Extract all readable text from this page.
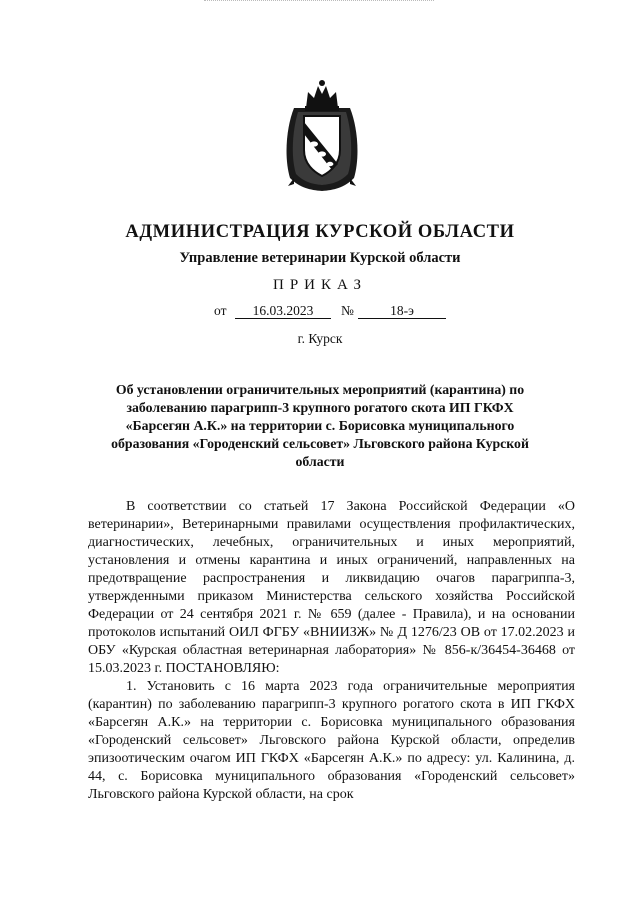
АДМИНИСТРАЦИЯ КУРСКОЙ ОБЛАСТИ
Управление ветеринарии Курской области
ПРИКАЗ
от	16.03.2023	№	18-э
г. Курск
Об установлении ограничительных мероприятий (карантина) по заболеванию парагрипп-3 крупного рогатого скота ИП ГКФХ «Барсегян А.К.» на территории с. Борисовка муниципального образования «Городенский сельсовет» Льговского района Курской области

В соответствии со статьей 17 Закона Российской Федерации «О ветеринарии», Ветеринарными правилами осуществления профилактических, диагностических, лечебных, ограничительных и иных мероприятий, установления и отмены карантина и иных ограничений, направленных на предотвращение распространения и ликвидацию очагов парагриппа-3, утвержденными приказом Министерства сельского хозяйства Российской Федерации от 24 сентября 2021 г. № 659 (далее - Правила), и на основании протоколов испытаний ОИЛ ФГБУ «ВНИИЗЖ» № Д 1276/23 ОВ от 17.02.2023 и ОБУ «Курская областная ветеринарная лаборатория» № 856-к/36454-36468 от 15.03.2023 г. ПОСТАНОВЛЯЮ:

1. Установить с 16 марта 2023 года ограничительные мероприятия (карантин) по заболеванию парагрипп-3 крупного рогатого скота в ИП ГКФХ «Барсегян А.К.» на территории с. Борисовка муниципального образования «Городенский сельсовет» Льговского района Курской области, определив эпизоотическим очагом ИП ГКФХ «Барсегян А.К.» по адресу: ул. Калинина, д. 44, с. Борисовка муниципального образования «Городенский сельсовет» Льговского района Курской области, на срок
